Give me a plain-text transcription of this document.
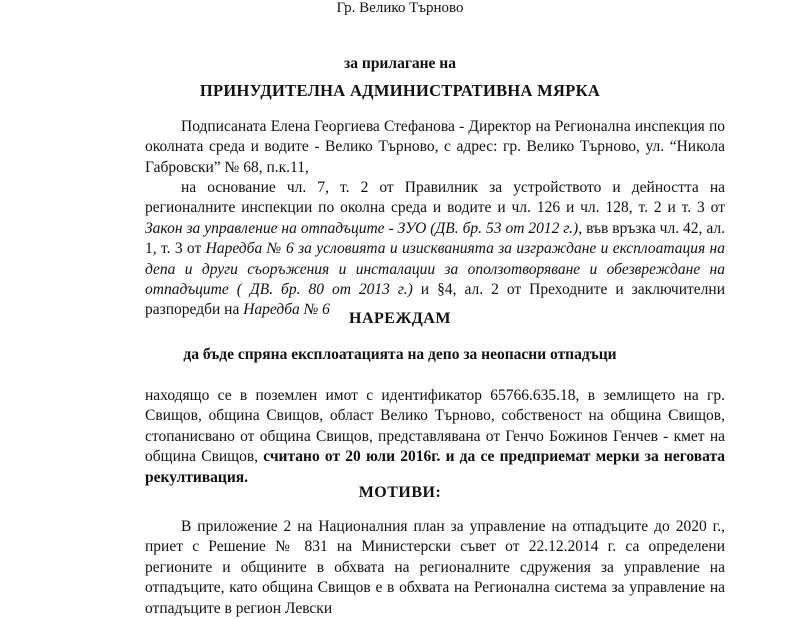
Гр. Велико Търново
за прилагане на
ПРИНУДИТЕЛНА АДМИНИСТРАТИВНА МЯРКА

Подписаната Елена Георгиева Стефанова - Директор на Регионална инспекция по околната среда и водите - Велико Търново, с адрес: гр. Велико Търново, ул. “Никола Габровски” № 68, п.к.11,

на основание чл. 7, т. 2 от Правилник за устройството и дейността на регионалните инспекции по околна среда и водите и чл. 126 и чл. 128, т. 2 и т. 3 от Закон за управление на отпадъците - ЗУО (ДВ. бр. 53 от 2012 г.), във връзка чл. 42, ал. 1, т. 3 от Наредба № 6 за условията и изискванията за изграждане и експлоатация на депа и други съоръжения и инсталации за оползотворяване и обезвреждане на отпадъците ( ДВ. бр. 80 от 2013 г.) и §4, ал. 2 от Преходните и заключителни разпоредби на Наредба № 6

НАРЕЖДАМ
да бъде спряна експлоатацията на депо за неопасни отпадъци

находящо се в поземлен имот с идентификатор 65766.635.18, в землището на гр. Свищов, община Свищов, област Велико Търново, собственост на община Свищов, стопанисвано от община Свищов, представлявана от Генчо Божинов Генчев - кмет на община Свищов, считано от 20 юли 2016г. и да се предприемат мерки за неговата рекултивация.

МОТИВИ:

В приложение 2 на Националния план за управление на отпадъците до 2020 г., приет с Решение № 831 на Министерски съвет от 22.12.2014 г. са определени регионите и общините в обхвата на регионалните сдружения за управление на отпадъците, като община Свищов е в обхвата на Регионална система за управление на отпадъците в регион Левски
